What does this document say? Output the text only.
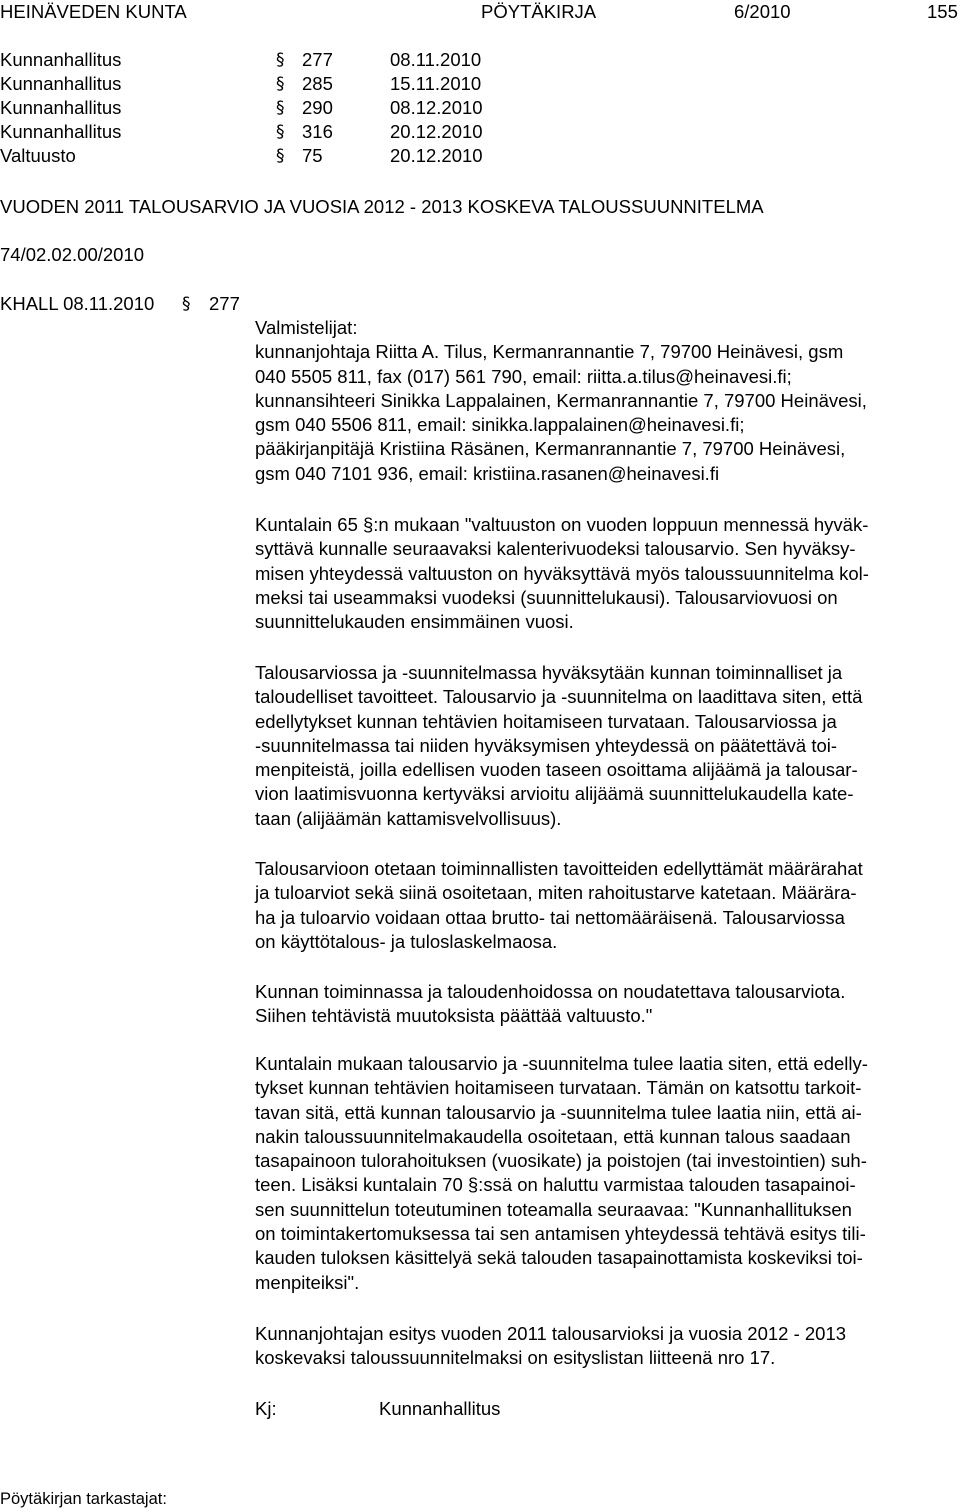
HEINÄVEDEN KUNTA	PÖYTÄKIRJA	6/2010	155
Kunnanhallitus	§ 277	08.11.2010
Kunnanhallitus	§ 285	15.11.2010
Kunnanhallitus	§ 290	08.12.2010
Kunnanhallitus	§ 316	20.12.2010
Valtuusto	§ 75	20.12.2010
VUODEN 2011 TALOUSARVIO JA VUOSIA 2012 - 2013 KOSKEVA TALOUSSUUNNITELMA
74/02.02.00/2010
KHALL 08.11.2010 § 277
Valmistelijat:
kunnanjohtaja Riitta A. Tilus, Kermanrannantie 7, 79700 Heinävesi, gsm
040 5505 811, fax (017) 561 790, email: riitta.a.tilus@heinavesi.fi;
kunnansihteeri Sinikka Lappalainen, Kermanrannantie 7, 79700 Heinävesi,
gsm 040 5506 811, email: sinikka.lappalainen@heinavesi.fi;
pääkirjanpitäjä Kristiina Räsänen, Kermanrannantie 7, 79700 Heinävesi,
gsm 040 7101 936, email: kristiina.rasanen@heinavesi.fi
Kuntalain 65 §:n mukaan "valtuuston on vuoden loppuun mennessä hyväk-
syttävä kunnalle seuraavaksi kalenterivuodeksi talousarvio. Sen hyväksy-
misen yhteydessä valtuuston on hyväksyttävä myös taloussuunnitelma kol-
meksi tai useammaksi vuodeksi (suunnittelukausi). Talousarviovuosi on
suunnittelukauden ensimmäinen vuosi.
Talousarviossa ja -suunnitelmassa hyväksytään kunnan toiminnalliset ja
taloudelliset tavoitteet. Talousarvio ja -suunnitelma on laadittava siten, että
edellytykset kunnan tehtävien hoitamiseen turvataan. Talousarviossa ja
-suunnitelmassa tai niiden hyväksymisen yhteydessä on päätettävä toi-
menpiteistä, joilla edellisen vuoden taseen osoittama alijäämä ja talousar-
vion laatimisvuonna kertyväksi arvioitu alijäämä suunnittelukaudella kate-
taan (alijäämän kattamisvelvollisuus).
Talousarvioon otetaan toiminnallisten tavoitteiden edellyttämät määrärahat
ja tuloarviot sekä siinä osoitetaan, miten rahoitustarve katetaan. Määrära-
ha ja tuloarvio voidaan ottaa brutto- tai nettomääräisenä. Talousarviossa
on käyttötalous- ja tuloslaskelmaosa.
Kunnan toiminnassa ja taloudenhoidossa on noudatettava talousarviota.
Siihen tehtävistä muutoksista päättää valtuusto."
Kuntalain mukaan talousarvio ja -suunnitelma tulee laatia siten, että edelly-
tykset kunnan tehtävien hoitamiseen turvataan. Tämän on katsottu tarkoit-
tavan sitä, että kunnan talousarvio ja -suunnitelma tulee laatia niin, että ai-
nakin taloussuunnitelmakaudella osoitetaan, että kunnan talous saadaan
tasapainoon tulorahoituksen (vuosikate) ja poistojen (tai investointien) suh-
teen. Lisäksi kuntalain 70 §:ssä on haluttu varmistaa talouden tasapainoi-
sen suunnittelun toteutuminen toteamalla seuraavaa: "Kunnanhallituksen
on toimintakertomuksessa tai sen antamisen yhteydessä tehtävä esitys tili-
kauden tuloksen käsittelyä sekä talouden tasapainottamista koskeviksi toi-
menpiteiksi".
Kunnanjohtajan esitys vuoden 2011 talousarvioksi ja vuosia 2012 - 2013
koskevaksi taloussuunnitelmaksi on esityslistan liitteenä nro 17.
Kj:	Kunnanhallitus
Pöytäkirjan tarkastajat:
